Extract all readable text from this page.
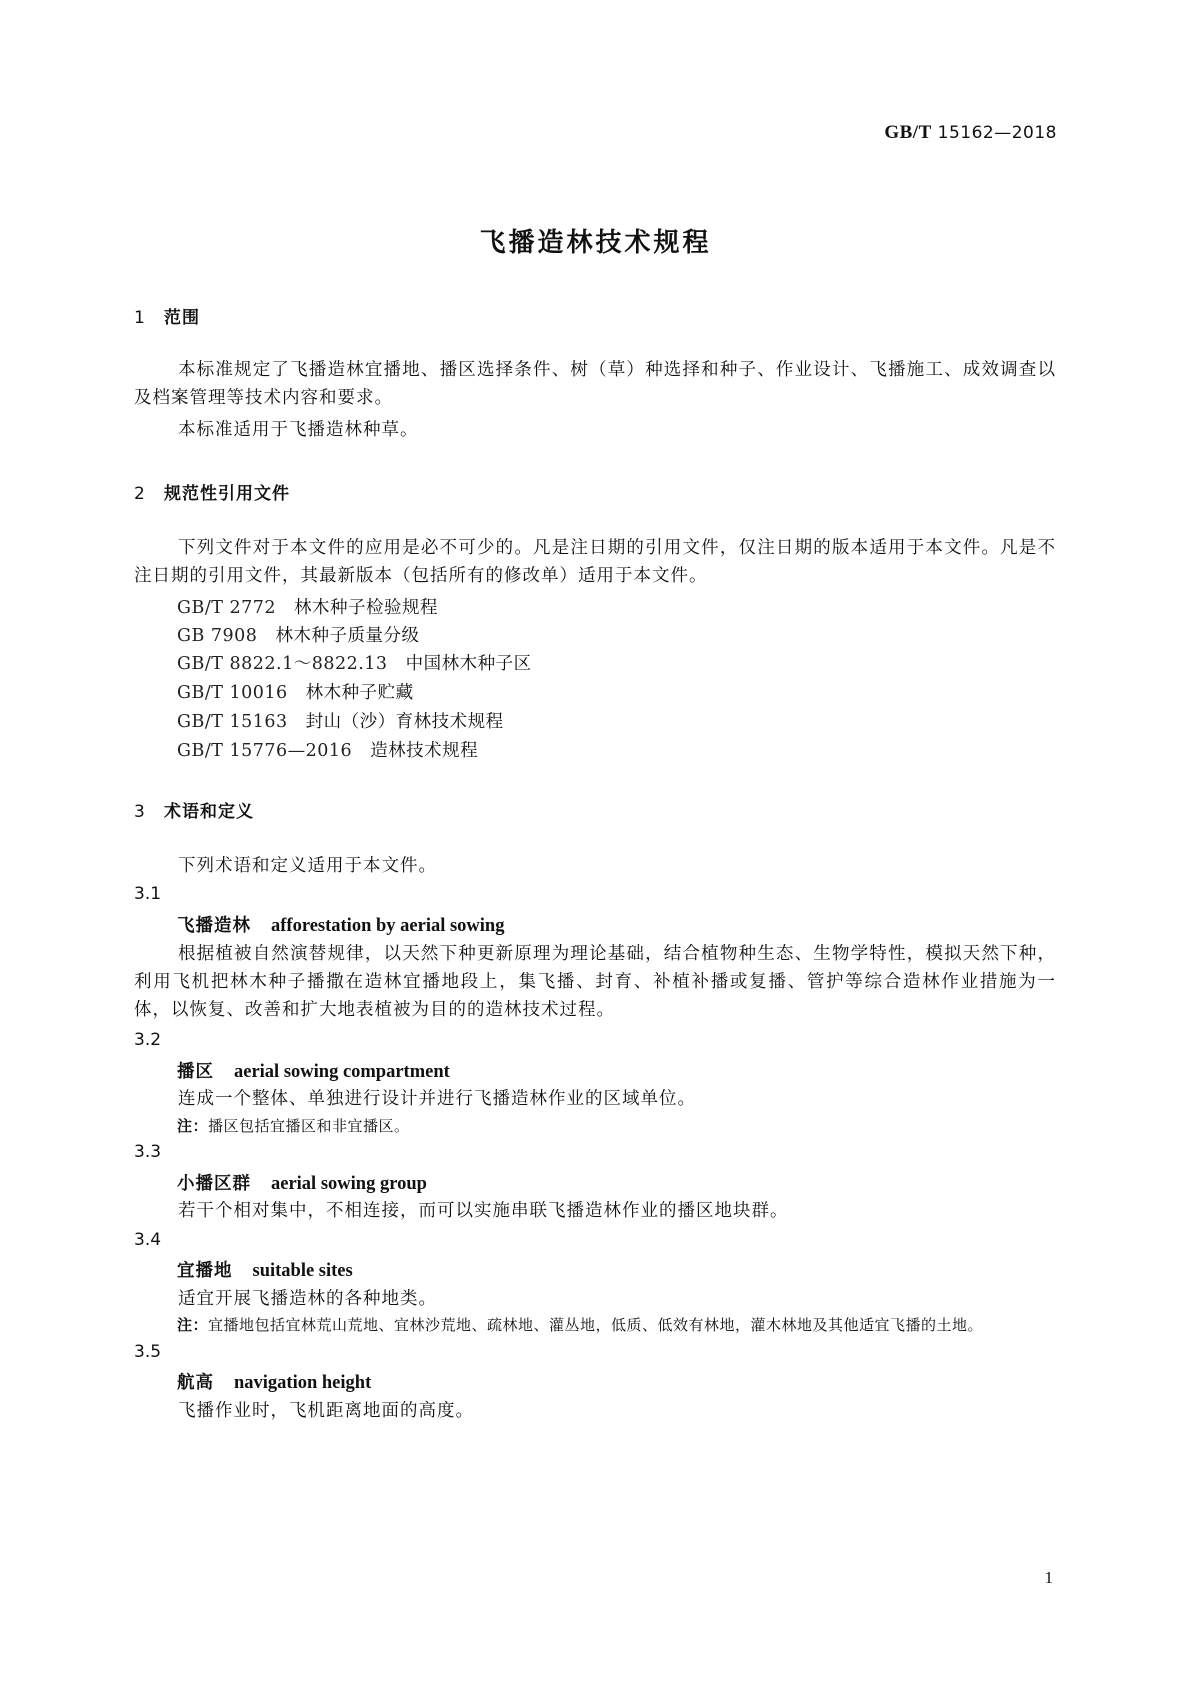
GB/T 15162—2018
飞播造林技术规程
1 范围
本标准规定了飞播造林宜播地、播区选择条件、树（草）种选择和种子、作业设计、飞播施工、成效调查以及档案管理等技术内容和要求。
本标准适用于飞播造林种草。
2 规范性引用文件
下列文件对于本文件的应用是必不可少的。凡是注日期的引用文件，仅注日期的版本适用于本文件。凡是不注日期的引用文件，其最新版本（包括所有的修改单）适用于本文件。
GB/T 2772 林木种子检验规程
GB 7908 林木种子质量分级
GB/T 8822.1～8822.13 中国林木种子区
GB/T 10016 林木种子贮藏
GB/T 15163 封山（沙）育林技术规程
GB/T 15776—2016 造林技术规程
3 术语和定义
下列术语和定义适用于本文件。
3.1
飞播造林 afforestation by aerial sowing
根据植被自然演替规律，以天然下种更新原理为理论基础，结合植物种生态、生物学特性，模拟天然下种，利用飞机把林木种子播撒在造林宜播地段上，集飞播、封育、补植补播或复播、管护等综合造林作业措施为一体，以恢复、改善和扩大地表植被为目的的造林技术过程。
3.2
播区 aerial sowing compartment
连成一个整体、单独进行设计并进行飞播造林作业的区域单位。
注：播区包括宜播区和非宜播区。
3.3
小播区群 aerial sowing group
若干个相对集中，不相连接，而可以实施串联飞播造林作业的播区地块群。
3.4
宜播地 suitable sites
适宜开展飞播造林的各种地类。
注：宜播地包括宜林荒山荒地、宜林沙荒地、疏林地、灌丛地，低质、低效有林地，灌木林地及其他适宜飞播的土地。
3.5
航高 navigation height
飞播作业时，飞机距离地面的高度。
1
